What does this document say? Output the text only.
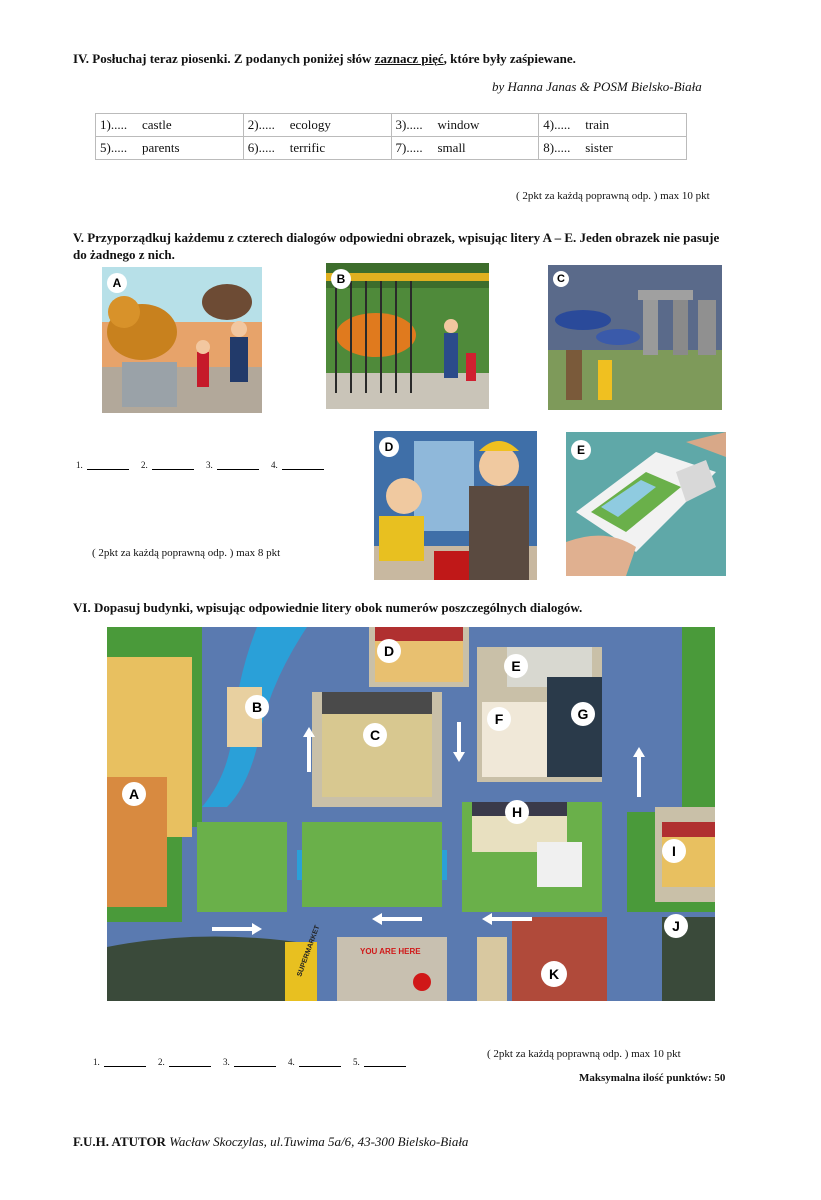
IV. Posłuchaj teraz piosenki. Z podanych poniżej słów zaznacz pięć, które były zaśpiewane.
by Hanna Janas & POSM Bielsko-Biała
1)..... castle	2)..... ecology	3)..... window	4)..... train
5)..... parents	6)..... terrific	7)..... small	8)..... sister
( 2pkt za każdą poprawną odp. ) max 10 pkt
V. Przyporządkuj każdemu z czterech dialogów odpowiedni obrazek, wpisując litery A – E. Jeden obrazek nie pasuje
do żadnego z nich.
A	B	C
D	E
1.	2.	3.	4.
( 2pkt za każdą poprawną odp. ) max 8 pkt
VI. Dopasuj budynki, wpisując odpowiednie litery obok numerów poszczególnych dialogów.
A
B
C
D
E
F	G
H
I
J
K
YOU ARE HERE
SUPERMARKET
1.	2.	3.	4.	5.
( 2pkt za każdą poprawną odp. ) max 10 pkt
Maksymalna ilość punktów: 50
F.U.H. ATUTOR Wacław Skoczylas, ul.Tuwima 5a/6, 43-300 Bielsko-Biała
